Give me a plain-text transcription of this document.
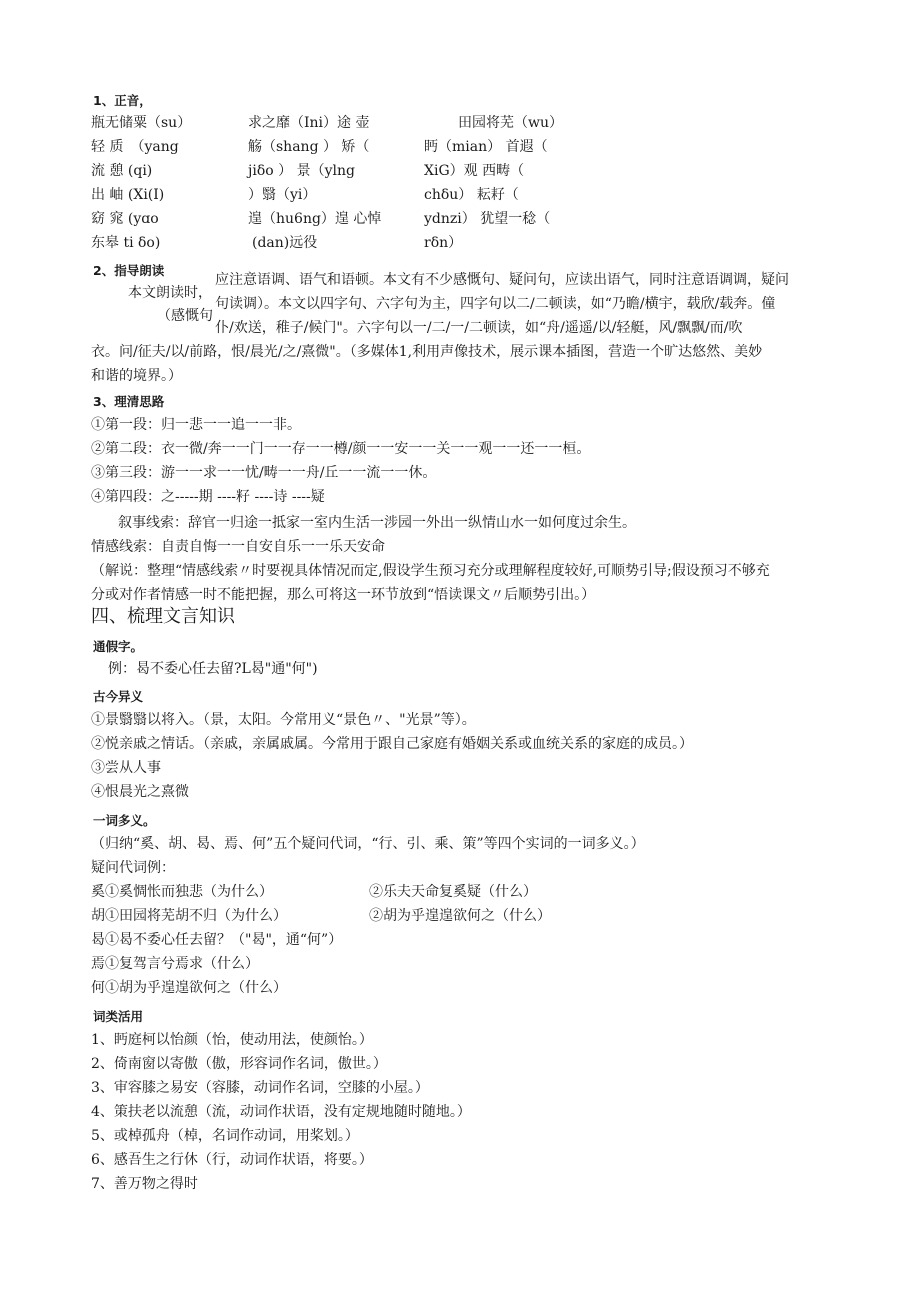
1、正音，
瓶无储粟（su）
轻 质　（yang
流 憩 (qi)
出 岫 (Xi(I)
窈 窕 (yɑo
东皋 ti δo)
求之靡（Ini）途 壶
觞（shang ） 矫（
jiδo ） 景（ylng
）翳（yi）
遑（hu6ng）遑 心悼
(dan)远役
田园将芜（wu）
眄（mian） 首遐（
XiG）观 西畴（
chδu） 耘耔（
ydnzi） 犹望一稔（
rδn）
2、指导朗读
本文朗读时，
（感慨句
应注意语调、语气和语顿。本文有不少感慨句、疑问句，应读出语气，同时注意语调调，疑问
句读调）。本文以四字句、六字句为主，四字句以二/二顿读，如“乃瞻/横宇，载欣/载奔。僮
仆/欢送，稚子/候门"。六字句以一/二/一/二顿读，如“舟/遥遥/以/轻艇，风/飘飘/而/吹
衣。问/征夫/以/前路，恨/晨光/之/熹微"。（多媒体1,利用声像技术，展示课本插图，营造一个旷达悠然、美妙
和谐的境界。）
3、理清思路
①第一段：归一悲一一追一一非。
②第二段：衣一微/奔一一门一一存一一樽/颜一一安一一关一一观一一还一一桓。
③第三段：游一一求一一忧/畴一一舟/丘一一流一一休。
④第四段：之-----期 ----籽 ----诗 ----疑
叙事线索：辞官一归途一抵家一室内生活一涉园一外出一纵情山水一如何度过余生。
情感线索：自责自悔一一自安自乐一一乐天安命
（解说：整理“情感线索〃时要视具体情况而定,假设学生预习充分或理解程度较好,可顺势引导;假设预习不够充
分或对作者情感一时不能把握，那么可将这一环节放到“悟读课文〃后顺势引出。）
四、梳理文言知识
通假字。
例：曷不委心任去留?L曷"通"何")
古今异义
①景翳翳以将入。（景，太阳。今常用义“景色〃、"光景”等）。
②悦亲戚之情话。（亲戚，亲属戚属。今常用于跟自己家庭有婚姻关系或血统关系的家庭的成员。）
③尝从人事
④恨晨光之熹微
一词多义。
（归纳“奚、胡、曷、焉、何”五个疑问代词，“行、引、乘、策”等四个实词的一词多义。）
疑问代词例：
奚①奚惆怅而独悲（为什么）	②乐夫天命复奚疑（什么）
胡①田园将芜胡不归（为什么）	②胡为乎遑遑欲何之（什么）
曷①曷不委心任去留？（"曷"，通“何”）
焉①复驾言兮焉求（什么）
何①胡为乎遑遑欲何之（什么）
词类活用
1、眄庭柯以怡颜（怡，使动用法，使颜怡。）
2、倚南窗以寄傲（傲，形容词作名词，傲世。）
3、审容膝之易安（容膝，动词作名词，空膝的小屋。）
4、策扶老以流憩（流，动词作状语，没有定规地随时随地。）
5、或棹孤舟（棹，名词作动词，用桨划。）
6、感吾生之行休（行，动词作状语，将要。）
7、善万物之得时
